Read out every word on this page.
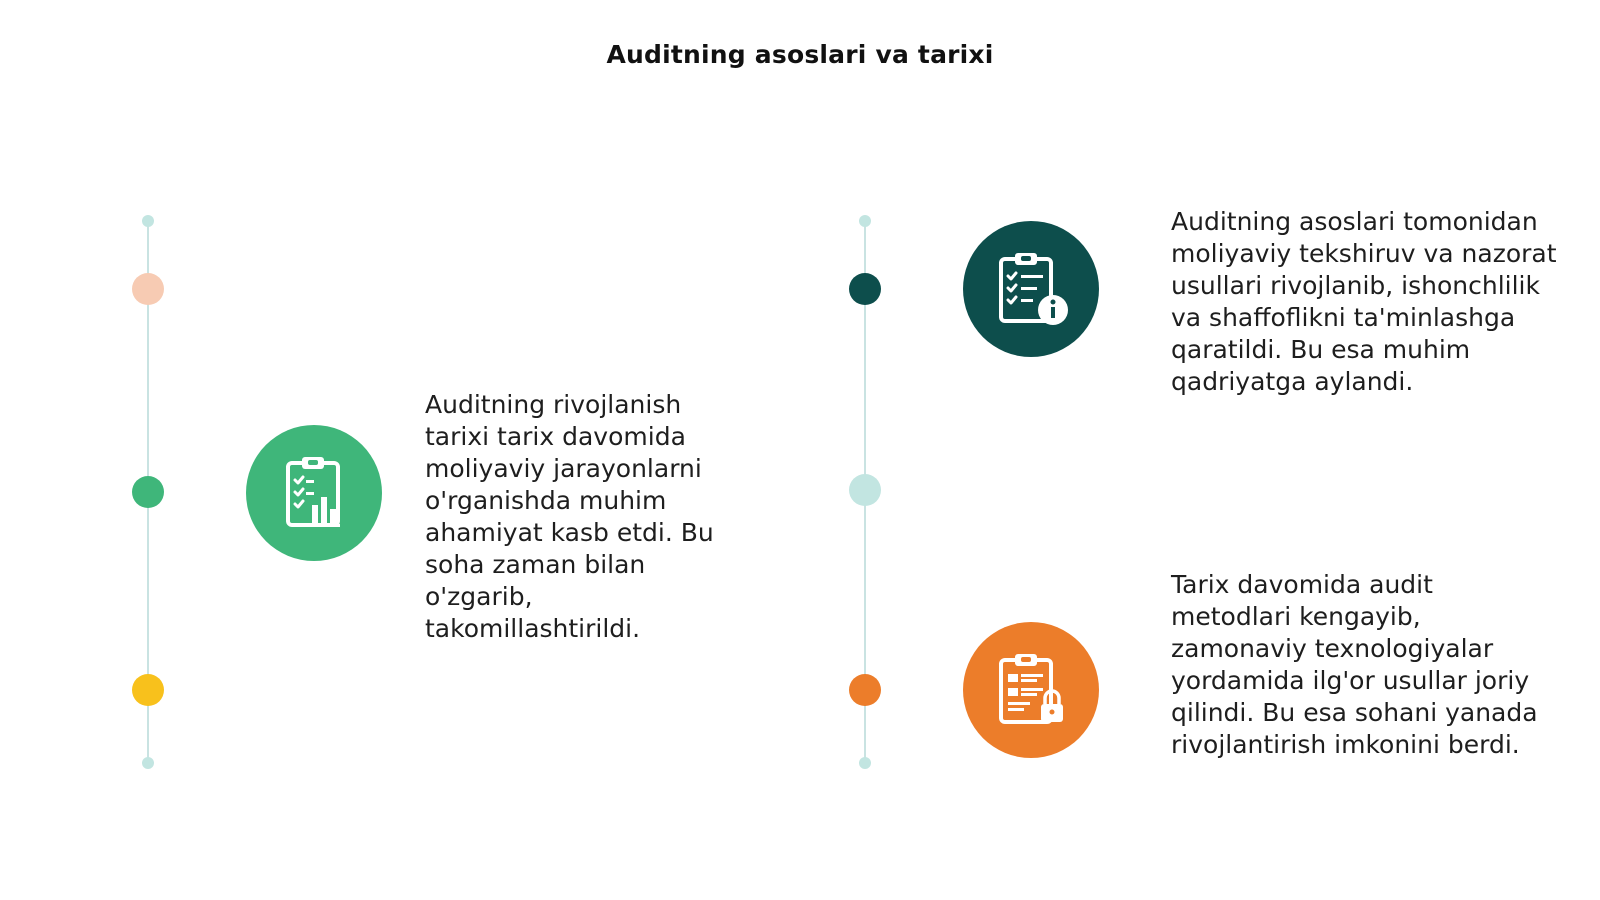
Auditning asoslari va tarixi
Auditning rivojlanish tarixi tarix davomida moliyaviy jarayonlarni o'rganishda muhim ahamiyat kasb etdi. Bu soha zaman bilan o'zgarib, takomillashtirildi.
Auditning asoslari tomonidan moliyaviy tekshiruv va nazorat usullari rivojlanib, ishonchlilik va shaffoflikni ta'minlashga qaratildi. Bu esa muhim qadriyatga aylandi.
Tarix davomida audit metodlari kengayib, zamonaviy texnologiyalar yordamida ilg'or usullar joriy qilindi. Bu esa sohani yanada rivojlantirish imkonini berdi.
